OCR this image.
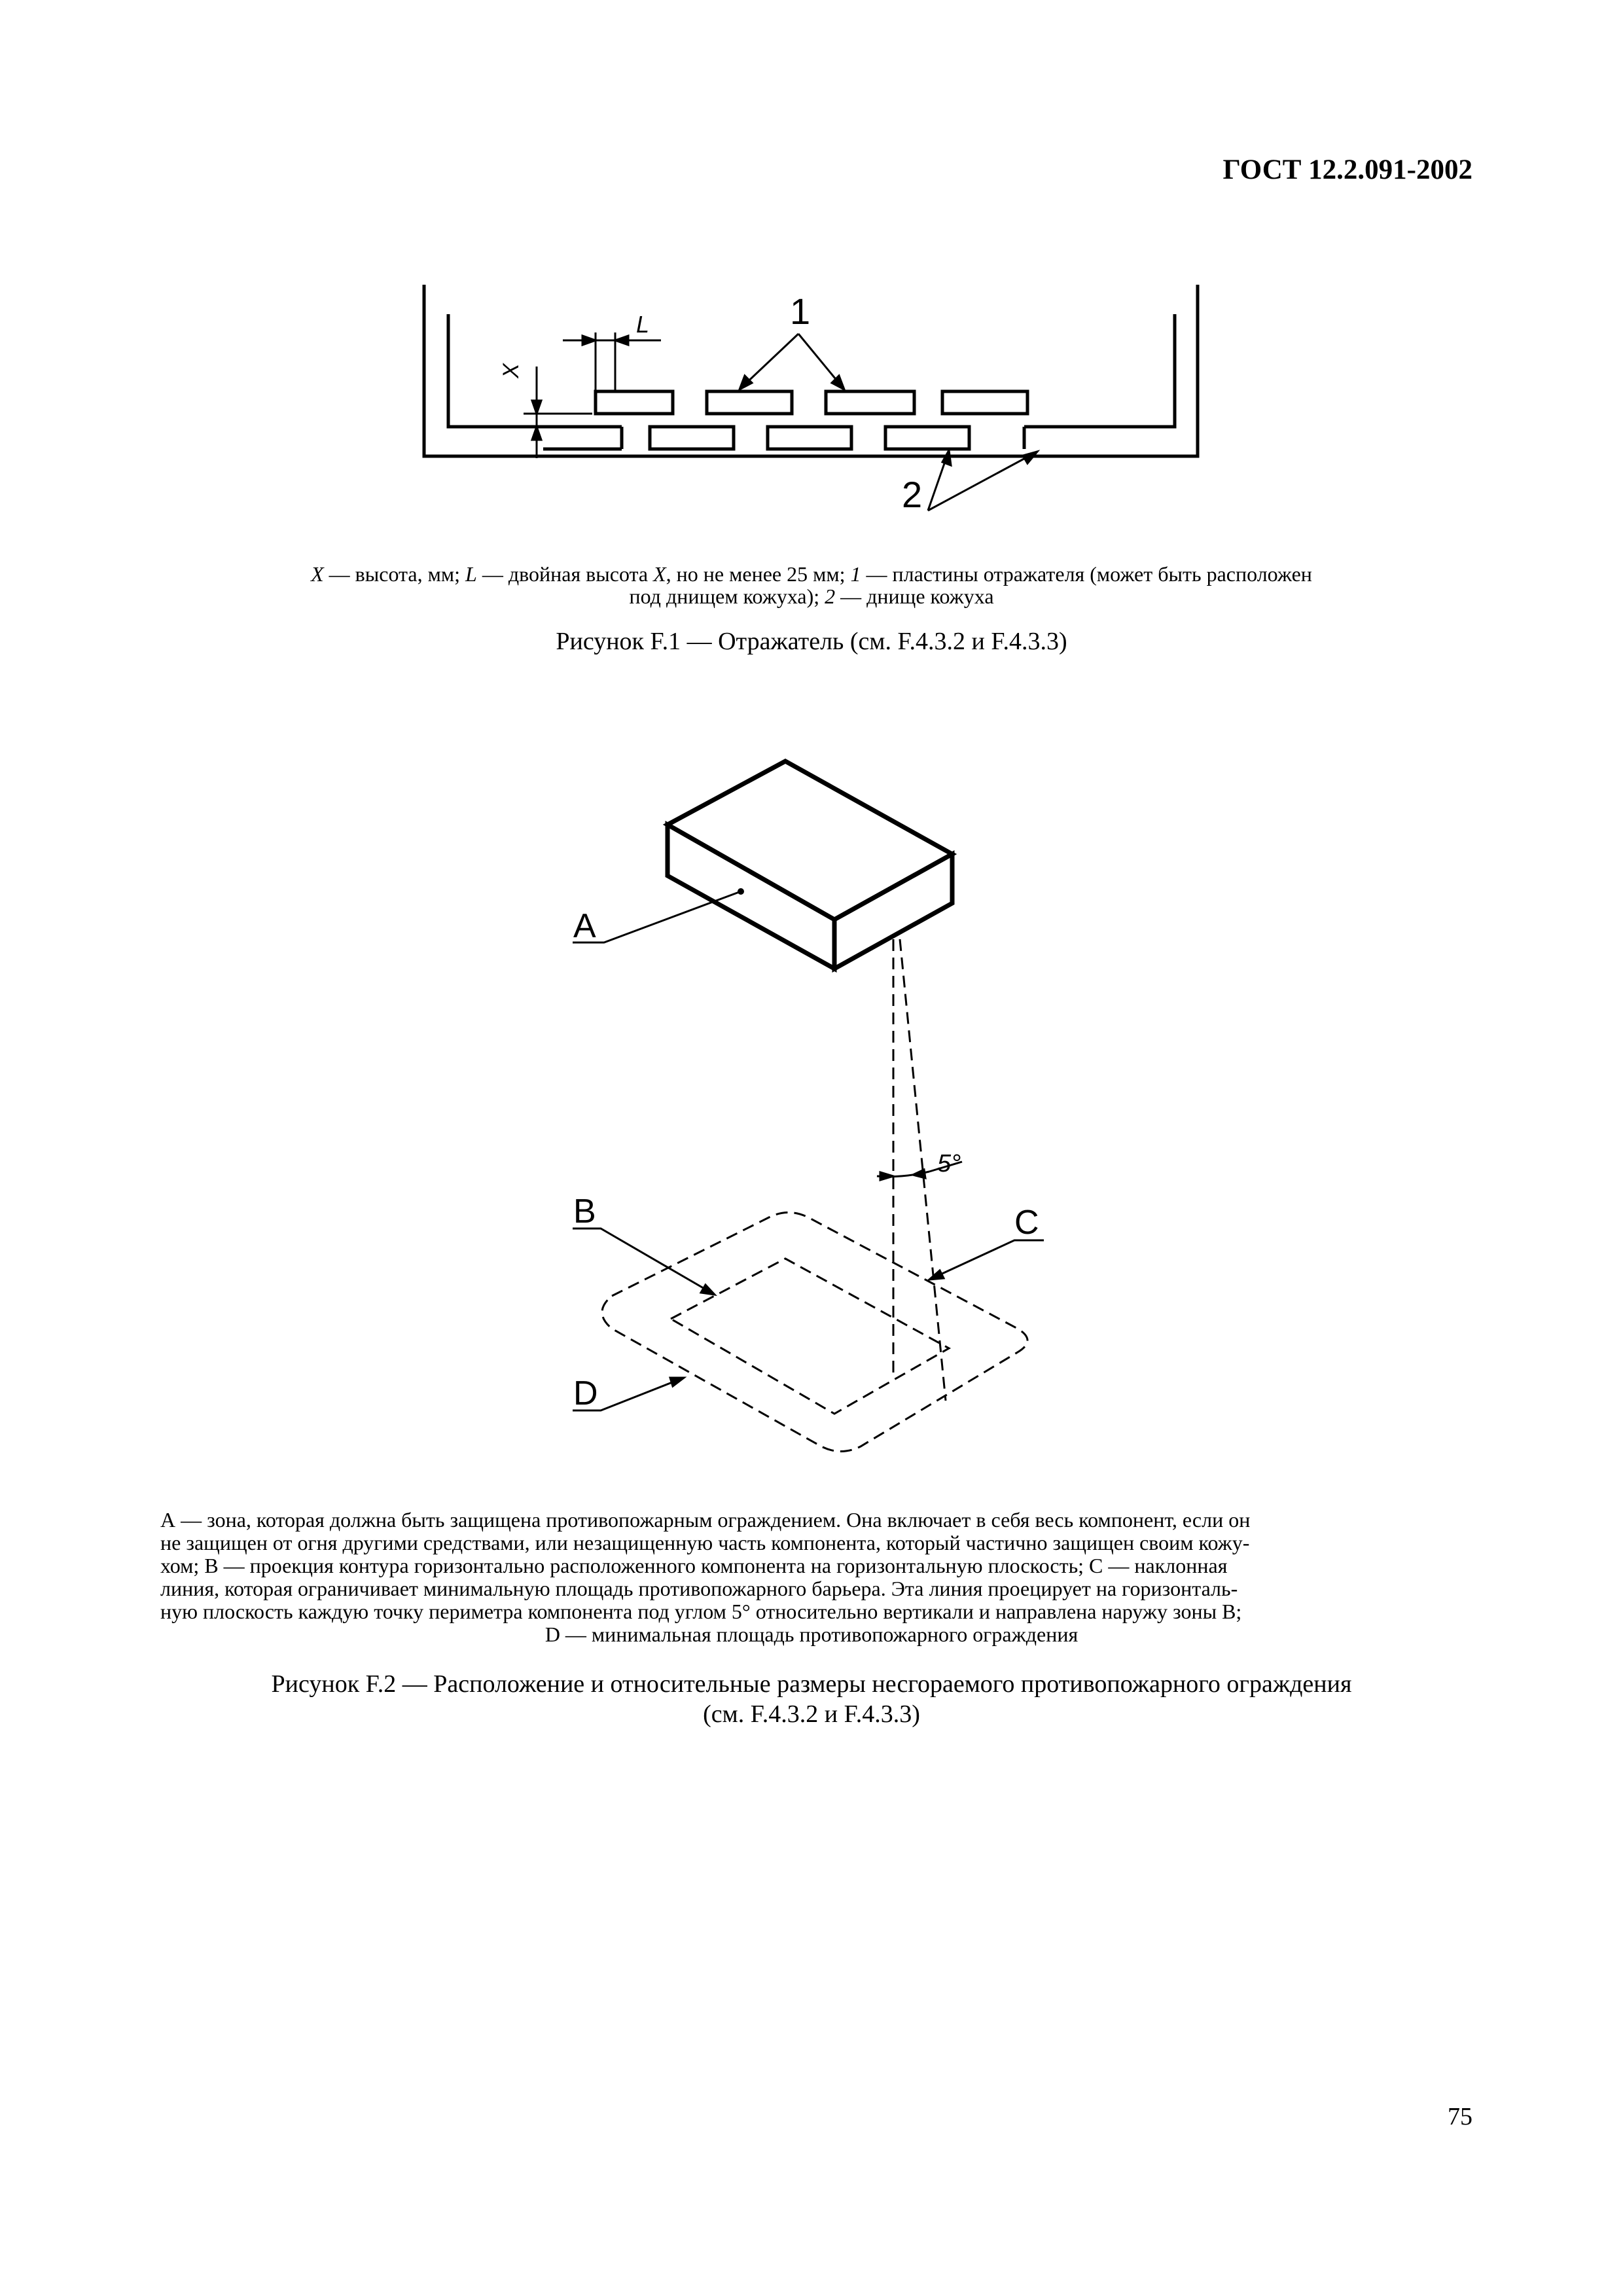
ГОСТ 12.2.091-2002
X
L	1
2
X — высота, мм; L — двойная высота X, но не менее 25 мм; 1 — пластины отражателя (может быть расположен
под днищем кожуха); 2 — днище кожуха
Рисунок F.1 — Отражатель (см. F.4.3.2 и F.4.3.3)
A
5°
B	C
D
А — зона, которая должна быть защищена противопожарным ограждением. Она включает в себя весь компонент, если он
не защищен от огня другими средствами, или незащищенную часть компонента, который частично защищен своим кожу-
хом; В — проекция контура горизонтально расположенного компонента на горизонтальную плоскость; С — наклонная
линия, которая ограничивает минимальную площадь противопожарного барьера. Эта линия проецирует на горизонталь-
ную плоскость каждую точку периметра компонента под углом 5° относительно вертикали и направлена наружу зоны В;
D — минимальная площадь противопожарного ограждения
Рисунок F.2 — Расположение и относительные размеры несгораемого противопожарного ограждения
(см. F.4.3.2 и F.4.3.3)
75
